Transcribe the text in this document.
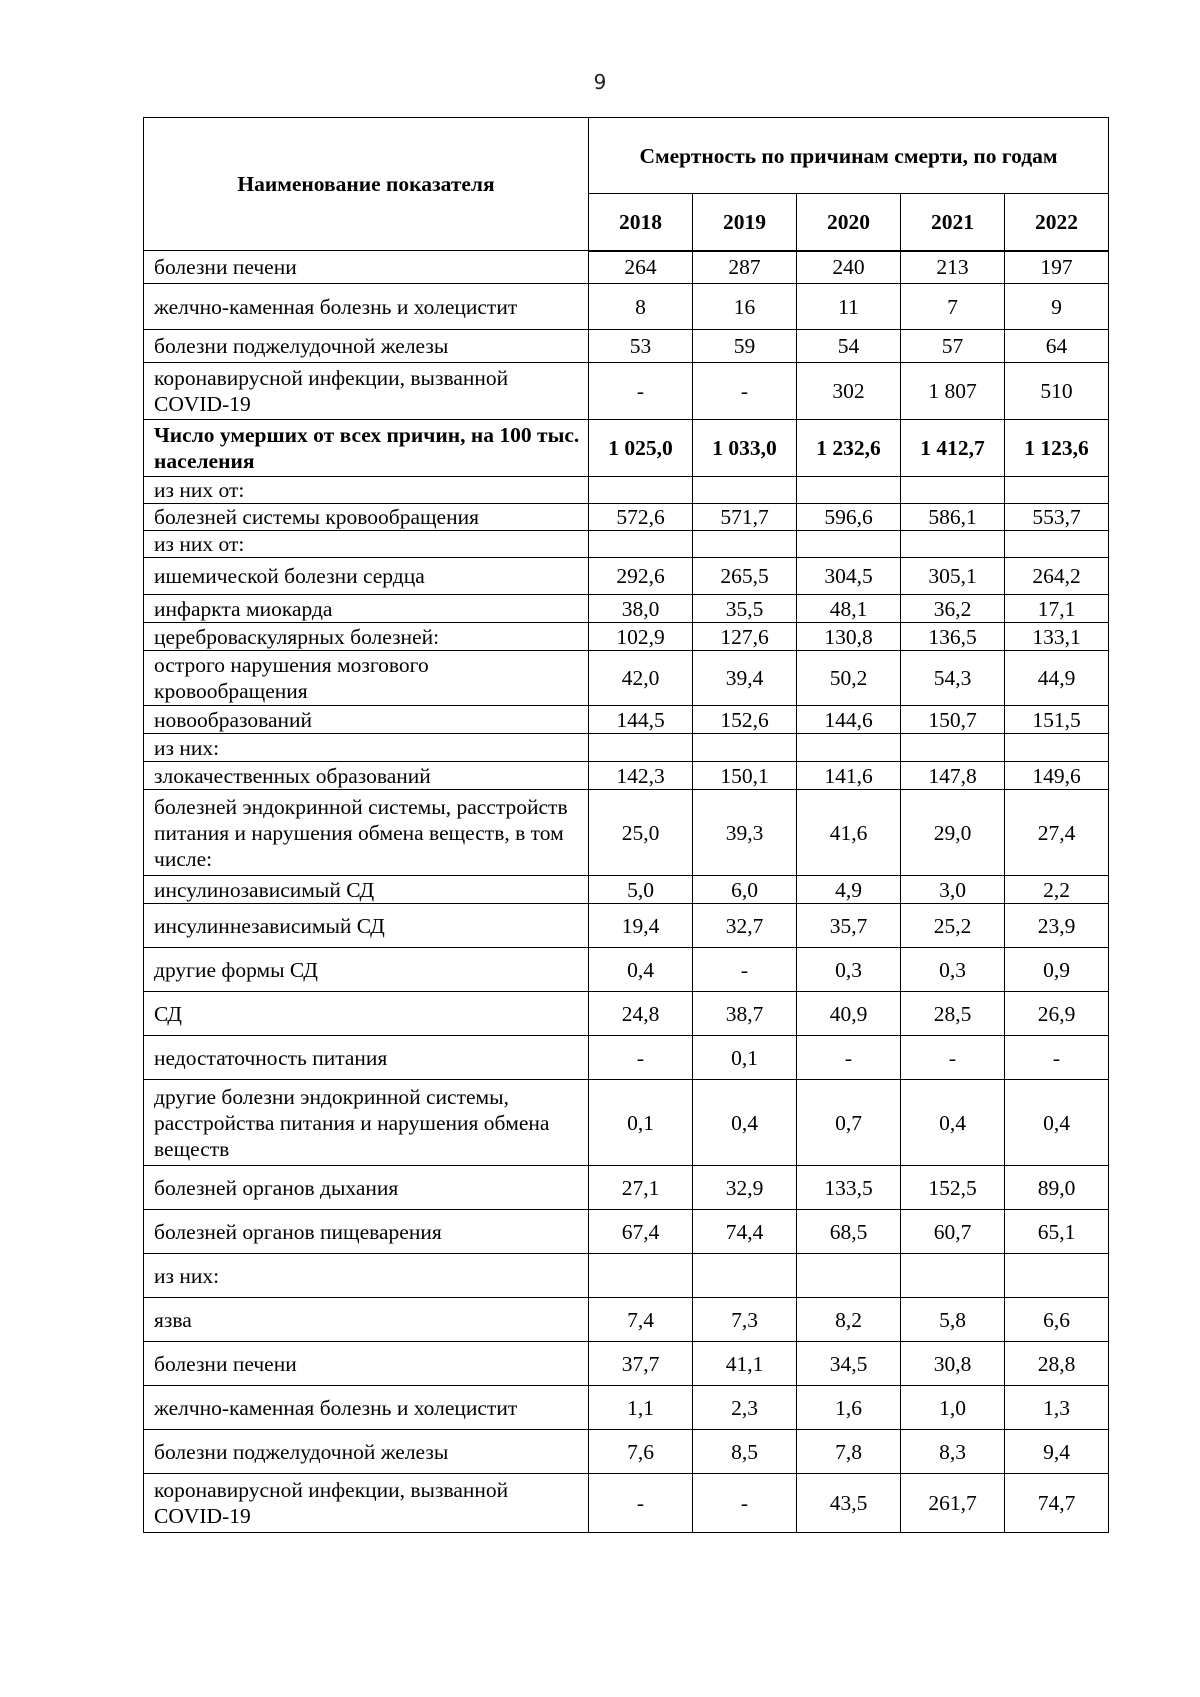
9
Наименование показателя	Смертность по причинам смерти, по годам				
	2018	2019	2020	2021	2022
болезни печени	264	287	240	213	197
желчно-каменная болезнь и холецистит	8	16	11	7	9
болезни поджелудочной железы	53	59	54	57	64
коронавирусной инфекции, вызванной COVID-19	-	-	302	1 807	510
Число умерших от всех причин, на 100 тыс. населения	1 025,0	1 033,0	1 232,6	1 412,7	1 123,6
из них от:					
болезней системы кровообращения	572,6	571,7	596,6	586,1	553,7
из них от:					
ишемической болезни сердца	292,6	265,5	304,5	305,1	264,2
инфаркта миокарда	38,0	35,5	48,1	36,2	17,1
цереброваскулярных болезней:	102,9	127,6	130,8	136,5	133,1
острого нарушения мозгового кровообращения	42,0	39,4	50,2	54,3	44,9
новообразований	144,5	152,6	144,6	150,7	151,5
из них:					
злокачественных образований	142,3	150,1	141,6	147,8	149,6
болезней эндокринной системы, расстройств питания и нарушения обмена веществ, в том числе:	25,0	39,3	41,6	29,0	27,4
инсулинозависимый СД	5,0	6,0	4,9	3,0	2,2
инсулиннезависимый СД	19,4	32,7	35,7	25,2	23,9
другие формы СД	0,4	-	0,3	0,3	0,9
СД	24,8	38,7	40,9	28,5	26,9
недостаточность питания	-	0,1	-	-	-
другие болезни эндокринной системы, расстройства питания и нарушения обмена веществ	0,1	0,4	0,7	0,4	0,4
болезней органов дыхания	27,1	32,9	133,5	152,5	89,0
болезней органов пищеварения	67,4	74,4	68,5	60,7	65,1
из них:					
язва	7,4	7,3	8,2	5,8	6,6
болезни печени	37,7	41,1	34,5	30,8	28,8
желчно-каменная болезнь и холецистит	1,1	2,3	1,6	1,0	1,3
болезни поджелудочной железы	7,6	8,5	7,8	8,3	9,4
коронавирусной инфекции, вызванной COVID-19	-	-	43,5	261,7	74,7
